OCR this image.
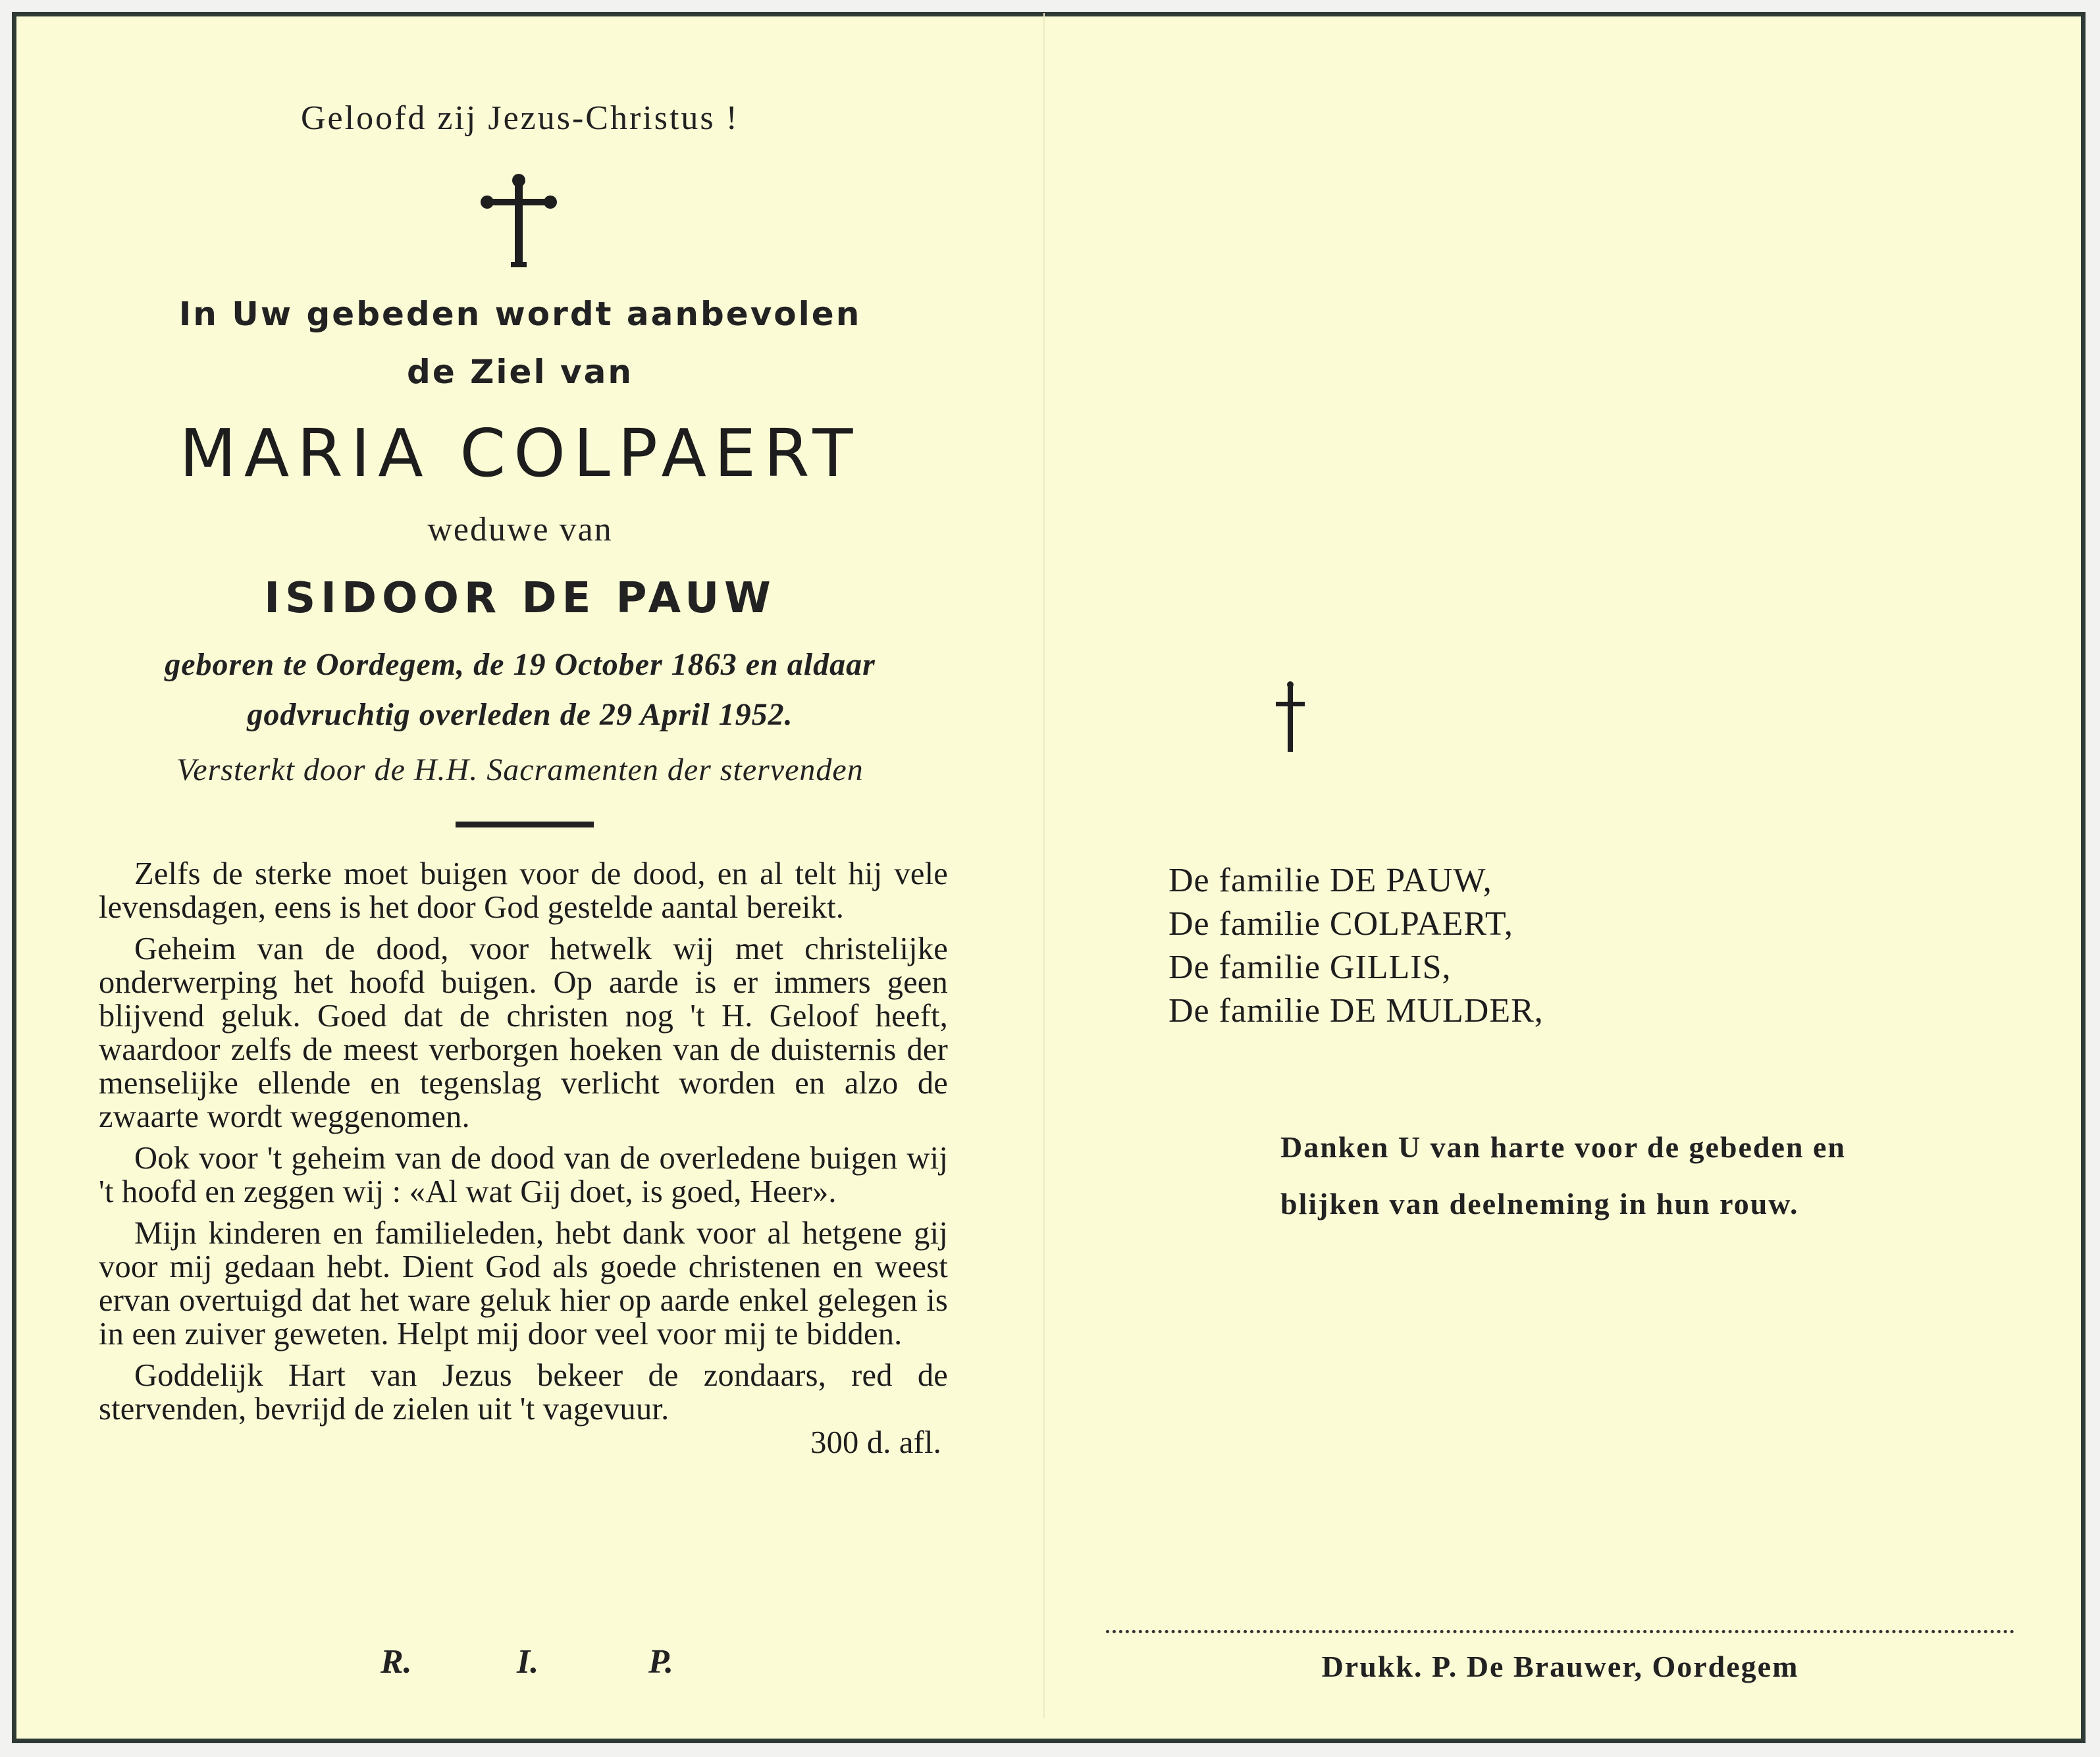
Geloofd zij Jezus-Christus !
In Uw gebeden wordt aanbevolen
de Ziel van
MARIA COLPAERT
weduwe van
ISIDOOR DE PAUW
geboren te Oordegem, de 19 October 1863 en aldaar
godvruchtig overleden de 29 April 1952.
Versterkt door de H.H. Sacramenten der stervenden

Zelfs de sterke moet buigen voor de dood, en al telt hij vele levensdagen, eens is het door God gestelde aantal bereikt.

Geheim van de dood, voor hetwelk wij met christelijke onderwerping het hoofd buigen. Op aarde is er immers geen blijvend geluk. Goed dat de christen nog 't H. Geloof heeft, waardoor zelfs de meest verborgen hoeken van de duisternis der menselijke ellende en tegenslag verlicht worden en alzo de zwaarte wordt weggenomen.

Ook voor 't geheim van de dood van de overledene buigen wij 't hoofd en zeggen wij : «Al wat Gij doet, is goed, Heer».

Mijn kinderen en familieleden, hebt dank voor al hetgene gij voor mij gedaan hebt. Dient God als goede christenen en weest ervan overtuigd dat het ware geluk hier op aarde enkel gelegen is in een zuiver geweten. Helpt mij door veel voor mij te bidden.

Goddelijk Hart van Jezus bekeer de zondaars, red de stervenden, bevrijd de zielen uit 't vagevuur.

300 d. afl.
R.	I.	P.
De familie DE PAUW,
De familie COLPAERT,
De familie GILLIS,
De familie DE MULDER,
Danken U van harte voor de gebeden en
blijken van deelneming in hun rouw.
Drukk. P. De Brauwer, Oordegem
